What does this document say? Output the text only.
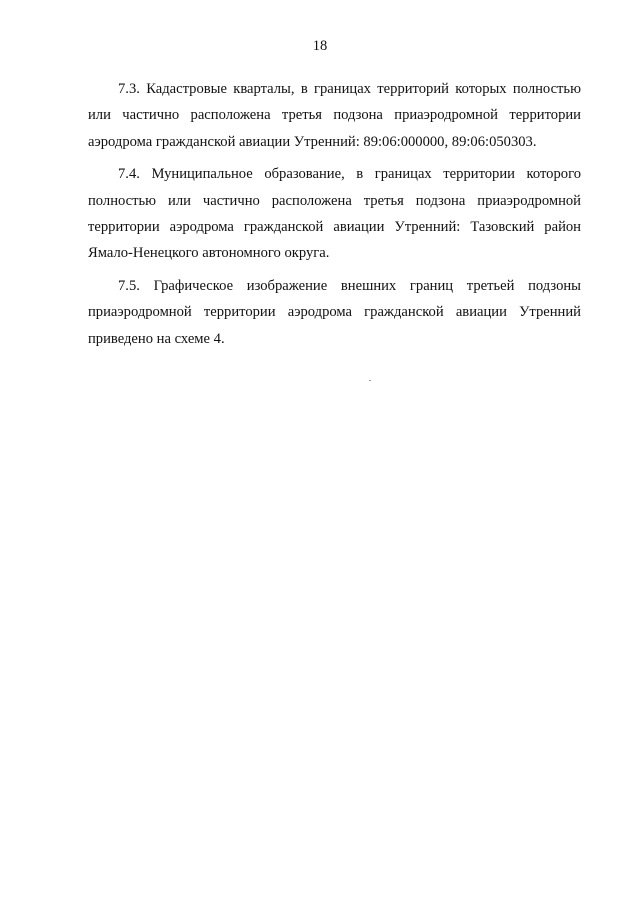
18

7.3. Кадастровые кварталы, в границах территорий которых полностью или частично расположена третья подзона приаэродромной территории аэродрома гражданской авиации Утренний: 89:06:000000, 89:06:050303.

7.4. Муниципальное образование, в границах территории которого полностью или частично расположена третья подзона приаэродромной территории аэродрома гражданской авиации Утренний: Тазовский район Ямало-Ненецкого автономного округа.

7.5. Графическое изображение внешних границ третьей подзоны приаэродромной территории аэродрома гражданской авиации Утренний приведено на схеме 4.
